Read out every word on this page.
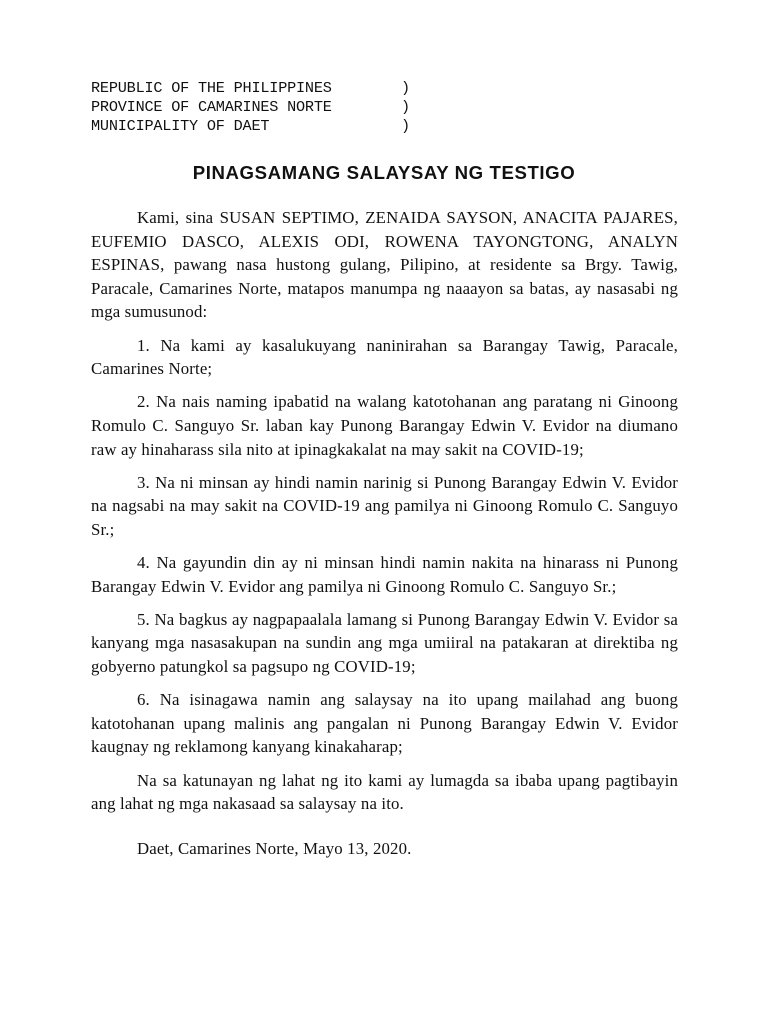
REPUBLIC OF THE PHILIPPINES	)
PROVINCE OF CAMARINES NORTE	)
MUNICIPALITY OF DAET	)
PINAGSAMANG SALAYSAY NG TESTIGO

Kami, sina SUSAN SEPTIMO, ZENAIDA SAYSON, ANACITA PAJARES, EUFEMIO DASCO, ALEXIS ODI, ROWENA TAYONGTONG, ANALYN ESPINAS, pawang nasa hustong gulang, Pilipino, at residente sa Brgy. Tawig, Paracale, Camarines Norte, matapos manumpa ng naaayon sa batas, ay nasasabi ng mga sumusunod:

1. Na kami ay kasalukuyang naninirahan sa Barangay Tawig, Paracale, Camarines Norte;

2. Na nais naming ipabatid na walang katotohanan ang paratang ni Ginoong Romulo C. Sanguyo Sr. laban kay Punong Barangay Edwin V. Evidor na diumano raw ay hinaharass sila nito at ipinagkakalat na may sakit na COVID-19;

3. Na ni minsan ay hindi namin narinig si Punong Barangay Edwin V. Evidor na nagsabi na may sakit na COVID-19 ang pamilya ni Ginoong Romulo C. Sanguyo Sr.;

4. Na gayundin din ay ni minsan hindi namin nakita na hinarass ni Punong Barangay Edwin V. Evidor ang pamilya ni Ginoong Romulo C. Sanguyo Sr.;

5. Na bagkus ay nagpapaalala lamang si Punong Barangay Edwin V. Evidor sa kanyang mga nasasakupan na sundin ang mga umiiral na patakaran at direktiba ng gobyerno patungkol sa pagsupo ng COVID-19;

6. Na isinagawa namin ang salaysay na ito upang mailahad ang buong katotohanan upang malinis ang pangalan ni Punong Barangay Edwin V. Evidor kaugnay ng reklamong kanyang kinakaharap;

Na sa katunayan ng lahat ng ito kami ay lumagda sa ibaba upang pagtibayin ang lahat ng mga nakasaad sa salaysay na ito.

Daet, Camarines Norte, Mayo 13, 2020.
